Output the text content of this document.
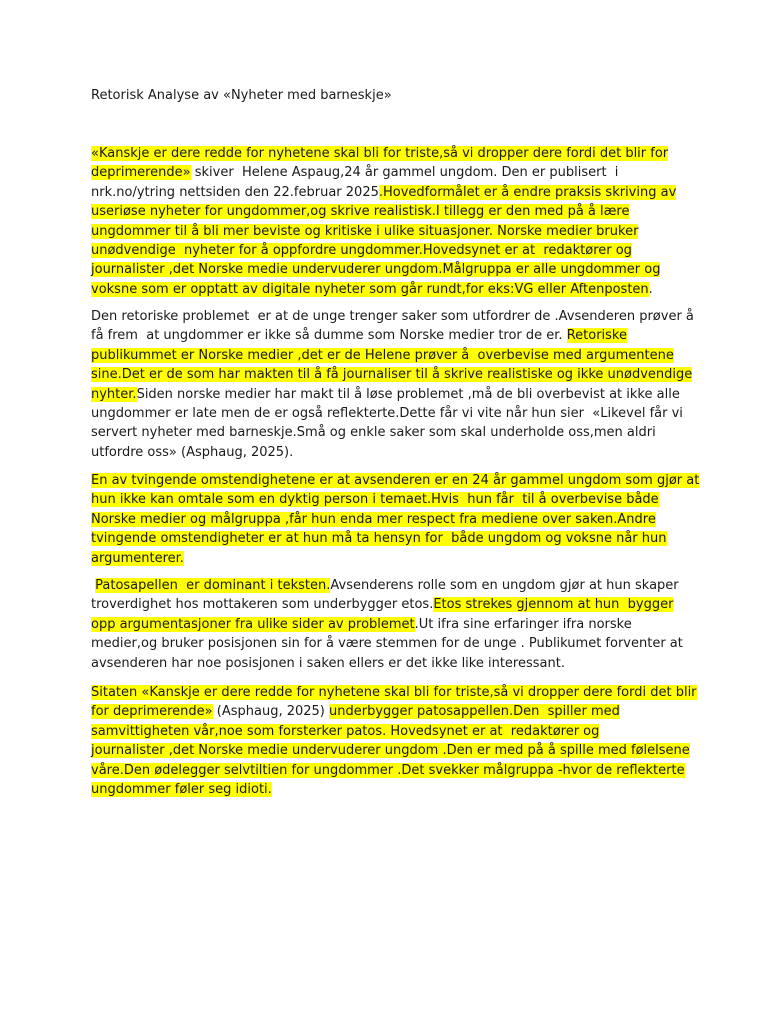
Retorisk Analyse av «Nyheter med barneskje»

«Kanskje er dere redde for nyhetene skal bli for triste,så vi dropper dere fordi det blir for
deprimerende» skiver  Helene Aspaug,24 år gammel ungdom. Den er publisert  i
nrk.no/ytring nettsiden den 22.februar 2025.Hovedformålet er å endre praksis skriving av
useriøse nyheter for ungdommer,og skrive realistisk.I tillegg er den med på å lære
ungdommer til å bli mer beviste og kritiske i ulike situasjoner. Norske medier bruker
unødvendige  nyheter for å oppfordre ungdommer.Hovedsynet er at  redaktører og
journalister ,det Norske medie undervuderer ungdom.Målgruppa er alle ungdommer og
voksne som er opptatt av digitale nyheter som går rundt,for eks:VG eller Aftenposten.

Den retoriske problemet  er at de unge trenger saker som utfordrer de .Avsenderen prøver å
få frem  at ungdommer er ikke så dumme som Norske medier tror de er. Retoriske
publikummet er Norske medier ,det er de Helene prøver å  overbevise med argumentene
sine.Det er de som har makten til å få journaliser til å skrive realistiske og ikke unødvendige
nyhter.Siden norske medier har makt til å løse problemet ,må de bli overbevist at ikke alle
ungdommer er late men de er også reflekterte.Dette får vi vite når hun sier  «Likevel får vi
servert nyheter med barneskje.Små og enkle saker som skal underholde oss,men aldri
utfordre oss» (Asphaug, 2025).

En av tvingende omstendighetene er at avsenderen er en 24 år gammel ungdom som gjør at
hun ikke kan omtale som en dyktig person i temaet.Hvis  hun får  til å overbevise både
Norske medier og målgruppa ,får hun enda mer respect fra mediene over saken.Andre
tvingende omstendigheter er at hun må ta hensyn for  både ungdom og voksne når hun
argumenterer.

Patosapellen  er dominant i teksten.Avsenderens rolle som en ungdom gjør at hun skaper
troverdighet hos mottakeren som underbygger etos.Etos strekes gjennom at hun  bygger
opp argumentasjoner fra ulike sider av problemet.Ut ifra sine erfaringer ifra norske
medier,og bruker posisjonen sin for å være stemmen for de unge . Publikumet forventer at
avsenderen har noe posisjonen i saken ellers er det ikke like interessant.

Sitaten «Kanskje er dere redde for nyhetene skal bli for triste,så vi dropper dere fordi det blir
for deprimerende» (Asphaug, 2025) underbygger patosappellen.Den  spiller med
samvittigheten vår,noe som forsterker patos. Hovedsynet er at  redaktører og
journalister ,det Norske medie undervuderer ungdom .Den er med på å spille med følelsene
våre.Den ødelegger selvtiltien for ungdommer .Det svekker målgruppa -hvor de reflekterte
ungdommer føler seg idioti.
